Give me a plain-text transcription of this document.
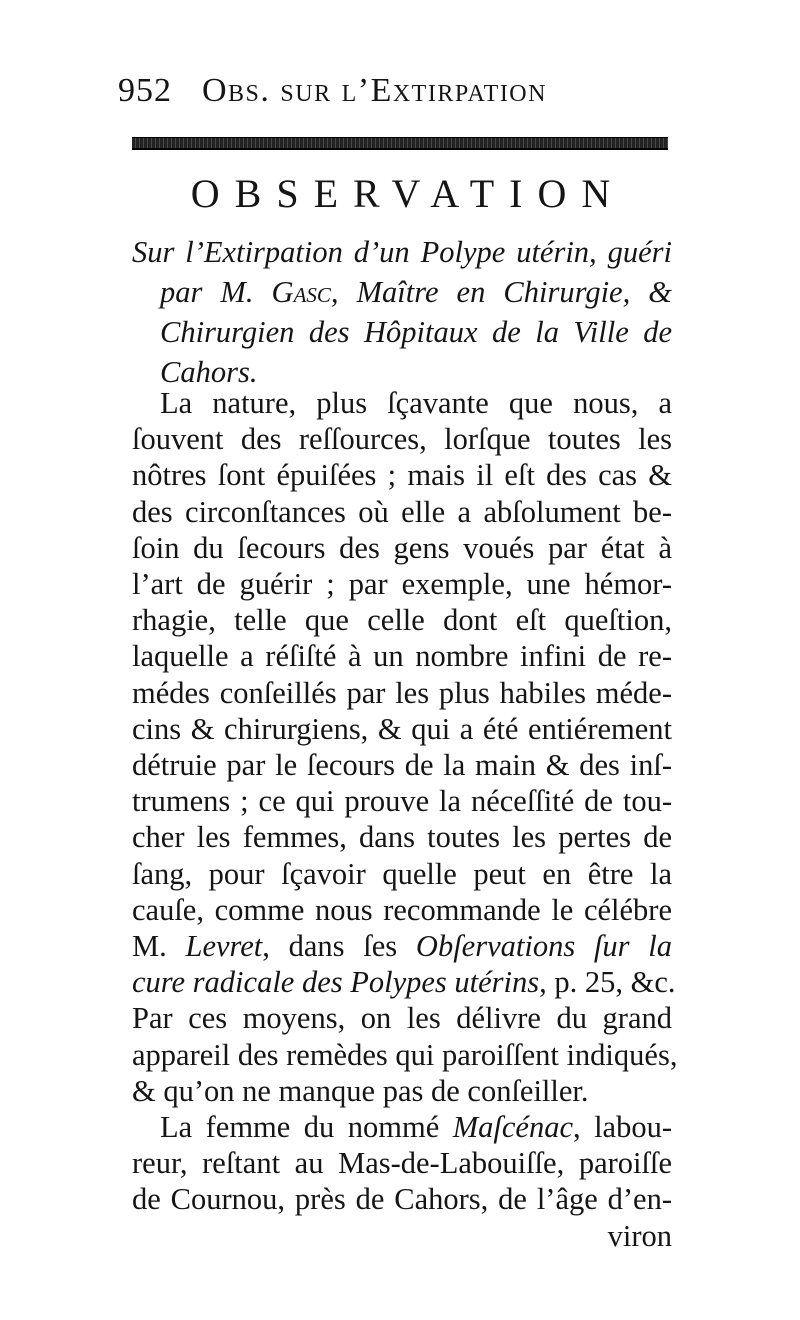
952 Obs. sur l’Extirpation
OBSERVATION
Sur l’Extirpation d’un Polype utérin, guéri
par M. Gasc, Maître en Chirurgie, &
Chirurgien des Hôpitaux de la Ville de
Cahors.
La nature, plus ſçavante que nous, a
ſouvent des reſſources, lorſque toutes les
nôtres ſont épuiſées ; mais il eſt des cas &
des circonſtances où elle a abſolument be-
ſoin du ſecours des gens voués par état à
l’art de guérir ; par exemple, une hémor-
rhagie, telle que celle dont eſt queſtion,
laquelle a réſiſté à un nombre infini de re-
médes conſeillés par les plus habiles méde-
cins & chirurgiens, & qui a été entiérement
détruie par le ſecours de la main & des inſ-
trumens ; ce qui prouve la néceſſité de tou-
cher les femmes, dans toutes les pertes de
ſang, pour ſçavoir quelle peut en être la
cauſe, comme nous recommande le célébre
M. Levret, dans ſes Obſervations ſur la
cure radicale des Polypes utérins, p. 25, &c.
Par ces moyens, on les délivre du grand
appareil des remèdes qui paroiſſent indiqués,
& qu’on ne manque pas de conſeiller.
La femme du nommé Maſcénac, labou-
reur, reſtant au Mas-de-Labouiſſe, paroiſſe
de Cournou, près de Cahors, de l’âge d’en-
viron
